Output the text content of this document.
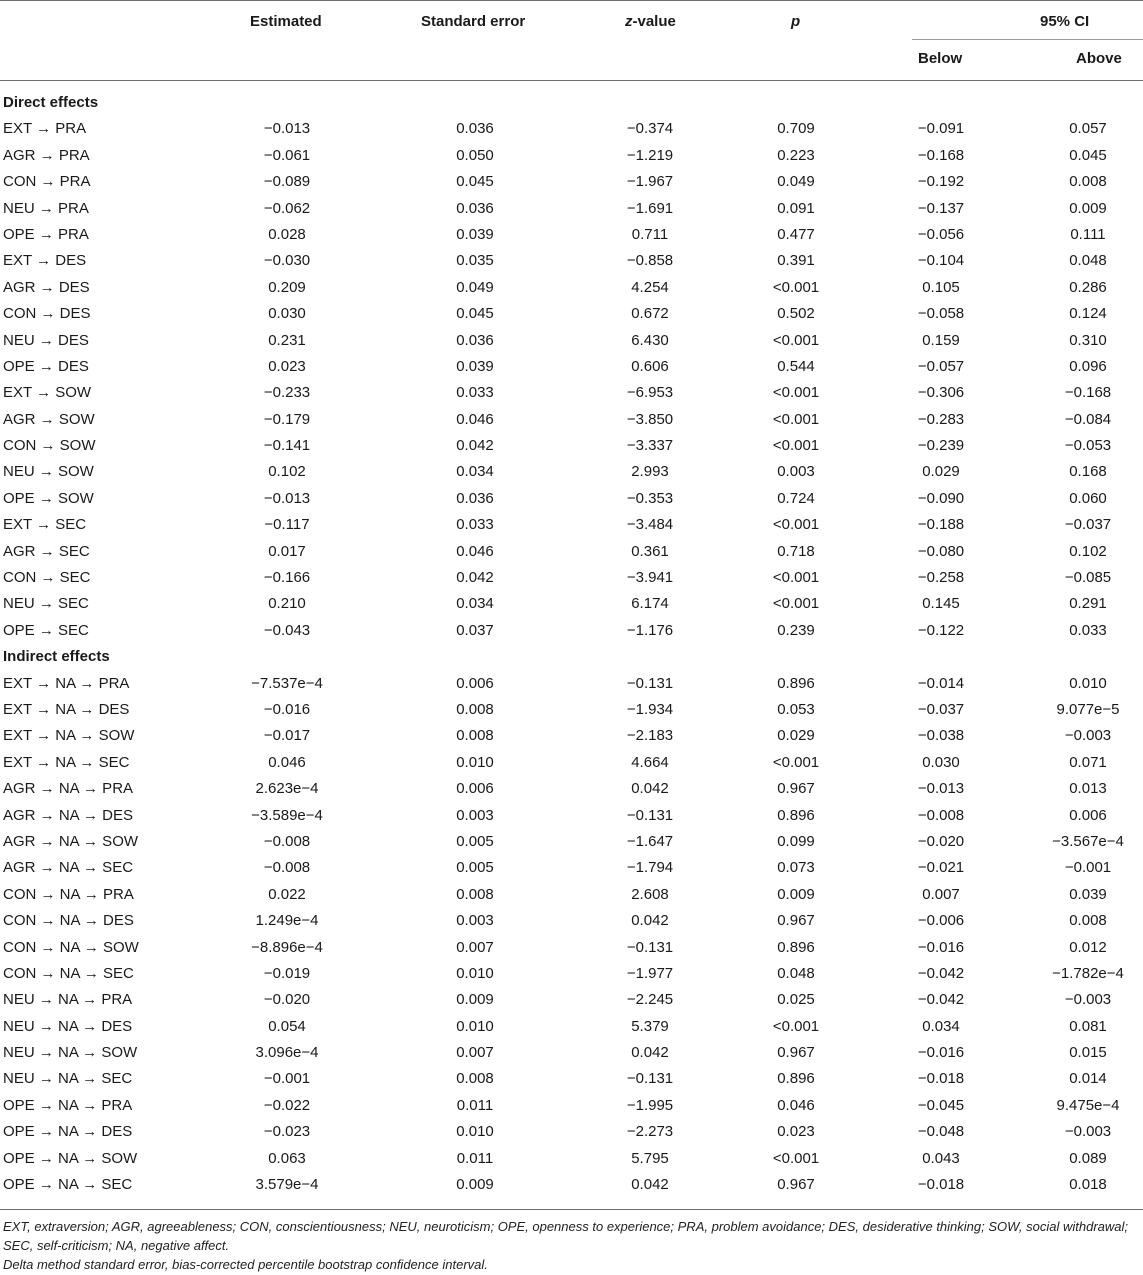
Estimated	Standard error	z-value	p	95% CI
Below	Above
Direct effects
EXT → PRA	−0.013	0.036	−0.374	0.709	−0.091	0.057
AGR → PRA	−0.061	0.050	−1.219	0.223	−0.168	0.045
CON → PRA	−0.089	0.045	−1.967	0.049	−0.192	0.008
NEU → PRA	−0.062	0.036	−1.691	0.091	−0.137	0.009
OPE → PRA	0.028	0.039	0.711	0.477	−0.056	0.111
EXT → DES	−0.030	0.035	−0.858	0.391	−0.104	0.048
AGR → DES	0.209	0.049	4.254	<0.001	0.105	0.286
CON → DES	0.030	0.045	0.672	0.502	−0.058	0.124
NEU → DES	0.231	0.036	6.430	<0.001	0.159	0.310
OPE → DES	0.023	0.039	0.606	0.544	−0.057	0.096
EXT → SOW	−0.233	0.033	−6.953	<0.001	−0.306	−0.168
AGR → SOW	−0.179	0.046	−3.850	<0.001	−0.283	−0.084
CON → SOW	−0.141	0.042	−3.337	<0.001	−0.239	−0.053
NEU → SOW	0.102	0.034	2.993	0.003	0.029	0.168
OPE → SOW	−0.013	0.036	−0.353	0.724	−0.090	0.060
EXT → SEC	−0.117	0.033	−3.484	<0.001	−0.188	−0.037
AGR → SEC	0.017	0.046	0.361	0.718	−0.080	0.102
CON → SEC	−0.166	0.042	−3.941	<0.001	−0.258	−0.085
NEU → SEC	0.210	0.034	6.174	<0.001	0.145	0.291
OPE → SEC	−0.043	0.037	−1.176	0.239	−0.122	0.033
Indirect effects
EXT → NA → PRA	−7.537e−4	0.006	−0.131	0.896	−0.014	0.010
EXT → NA → DES	−0.016	0.008	−1.934	0.053	−0.037	9.077e−5
EXT → NA → SOW	−0.017	0.008	−2.183	0.029	−0.038	−0.003
EXT → NA → SEC	0.046	0.010	4.664	<0.001	0.030	0.071
AGR → NA → PRA	2.623e−4	0.006	0.042	0.967	−0.013	0.013
AGR → NA → DES	−3.589e−4	0.003	−0.131	0.896	−0.008	0.006
AGR → NA → SOW	−0.008	0.005	−1.647	0.099	−0.020	−3.567e−4
AGR → NA → SEC	−0.008	0.005	−1.794	0.073	−0.021	−0.001
CON → NA → PRA	0.022	0.008	2.608	0.009	0.007	0.039
CON → NA → DES	1.249e−4	0.003	0.042	0.967	−0.006	0.008
CON → NA → SOW	−8.896e−4	0.007	−0.131	0.896	−0.016	0.012
CON → NA → SEC	−0.019	0.010	−1.977	0.048	−0.042	−1.782e−4
NEU → NA → PRA	−0.020	0.009	−2.245	0.025	−0.042	−0.003
NEU → NA → DES	0.054	0.010	5.379	<0.001	0.034	0.081
NEU → NA → SOW	3.096e−4	0.007	0.042	0.967	−0.016	0.015
NEU → NA → SEC	−0.001	0.008	−0.131	0.896	−0.018	0.014
OPE → NA → PRA	−0.022	0.011	−1.995	0.046	−0.045	9.475e−4
OPE → NA → DES	−0.023	0.010	−2.273	0.023	−0.048	−0.003
OPE → NA → SOW	0.063	0.011	5.795	<0.001	0.043	0.089
OPE → NA → SEC	3.579e−4	0.009	0.042	0.967	−0.018	0.018
EXT, extraversion; AGR, agreeableness; CON, conscientiousness; NEU, neuroticism; OPE, openness to experience; PRA, problem avoidance; DES, desiderative thinking; SOW, social withdrawal; SEC, self-criticism; NA, negative affect.
Delta method standard error, bias-corrected percentile bootstrap confidence interval.
